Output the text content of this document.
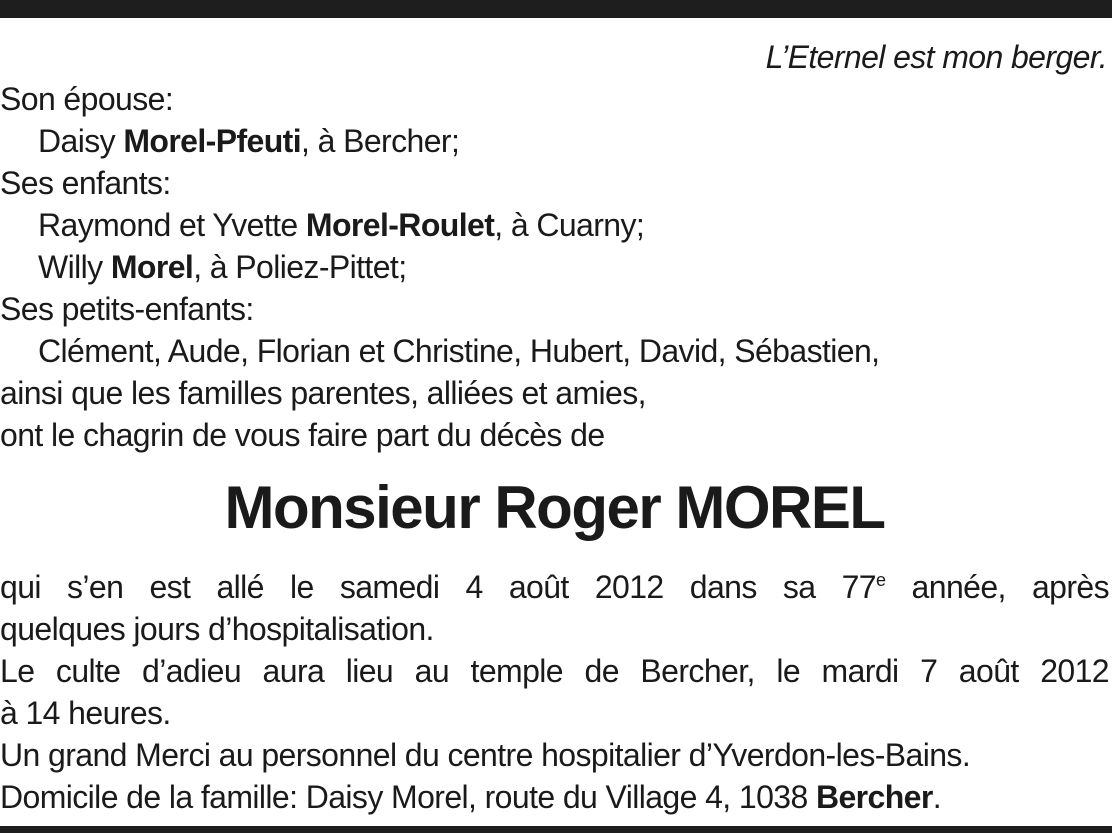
L’Eternel est mon berger.
Son épouse:
Daisy Morel-Pfeuti, à Bercher;
Ses enfants:
Raymond et Yvette Morel-Roulet, à Cuarny;
Willy Morel, à Poliez-Pittet;
Ses petits-enfants:
Clément, Aude, Florian et Christine, Hubert, David, Sébastien,
ainsi que les familles parentes, alliées et amies,
ont le chagrin de vous faire part du décès de
Monsieur Roger MOREL
qui s’en est allé le samedi 4 août 2012 dans sa 77e année, après
quelques jours d’hospitalisation.
Le culte d’adieu aura lieu au temple de Bercher, le mardi 7 août 2012
à 14 heures.
Un grand Merci au personnel du centre hospitalier d’Yverdon-les-Bains.
Domicile de la famille: Daisy Morel, route du Village 4, 1038 Bercher.
